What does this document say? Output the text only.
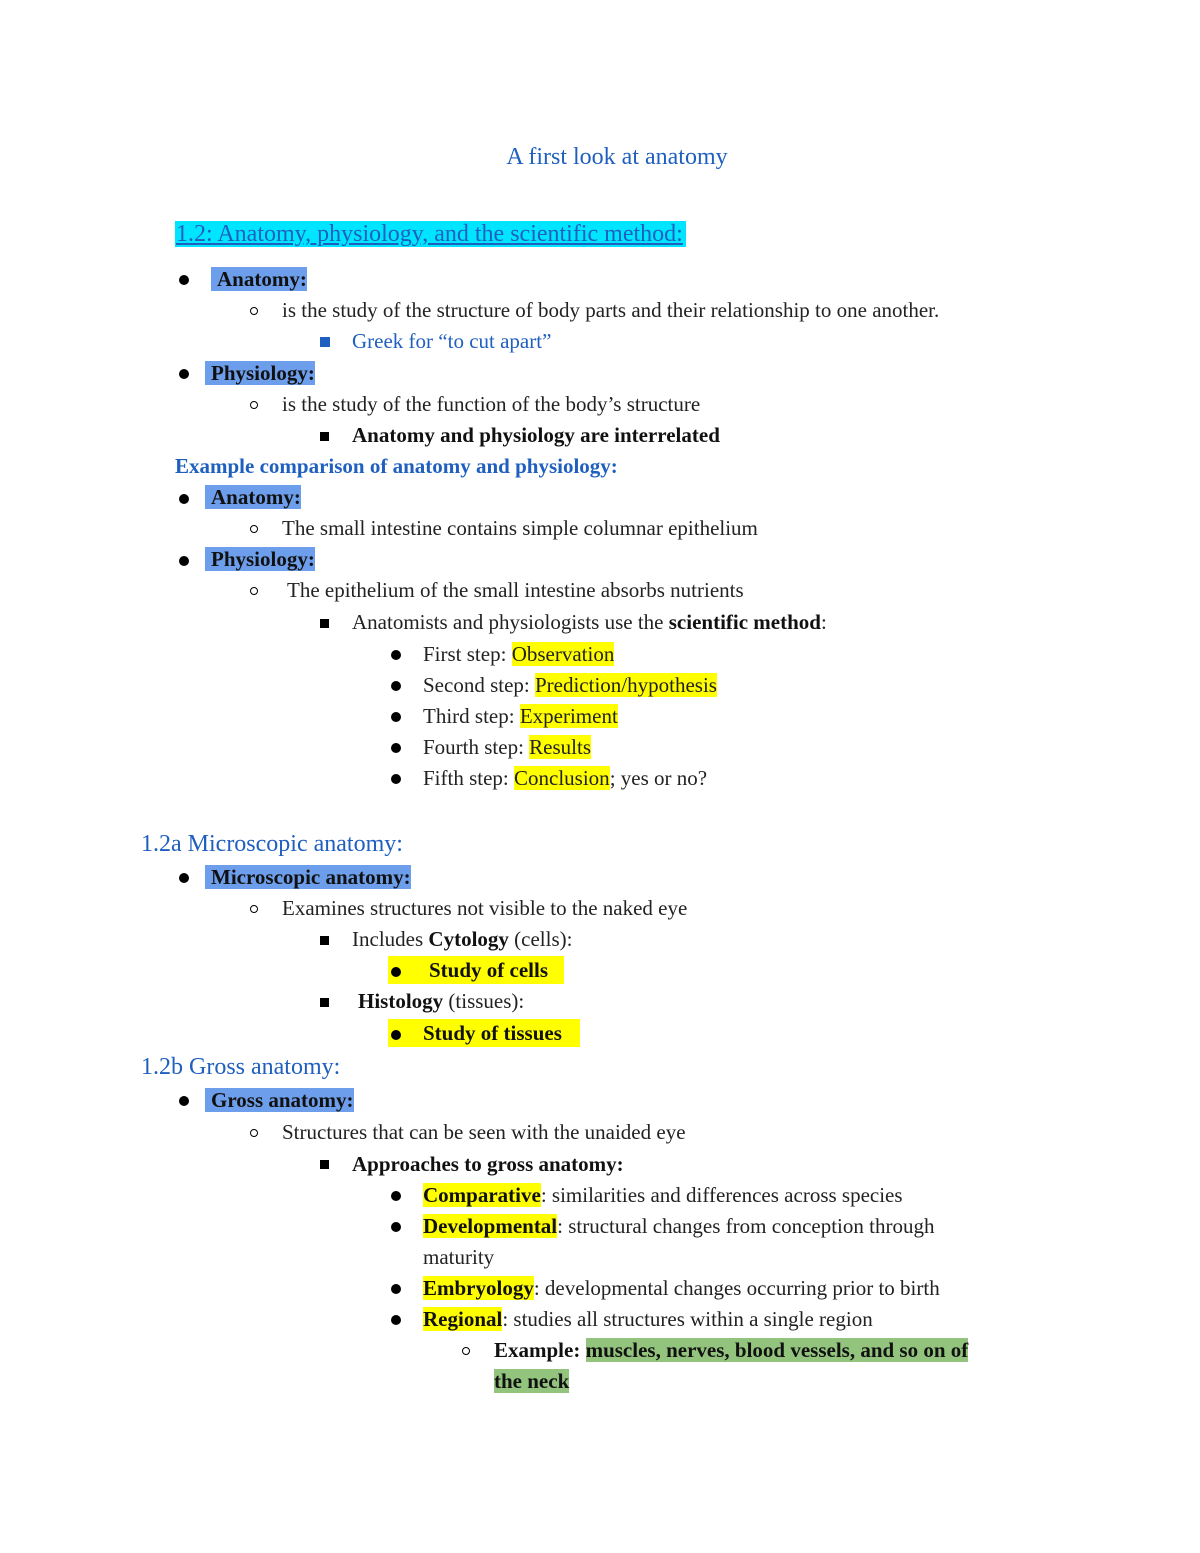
A first look at anatomy
1.2: Anatomy, physiology, and the scientific method:
Anatomy:
is the study of the structure of body parts and their relationship to one another.
Greek for “to cut apart”
Physiology:
is the study of the function of the body’s structure
Anatomy and physiology are interrelated
Example comparison of anatomy and physiology:
Anatomy:
The small intestine contains simple columnar epithelium
Physiology:
The epithelium of the small intestine absorbs nutrients
Anatomists and physiologists use the scientific method:
First step: Observation
Second step: Prediction/hypothesis
Third step: Experiment
Fourth step: Results
Fifth step: Conclusion; yes or no?
1.2a Microscopic anatomy:
Microscopic anatomy:
Examines structures not visible to the naked eye
Includes Cytology (cells):
Study of cells
Histology (tissues):
Study of tissues
1.2b Gross anatomy:
Gross anatomy:
Structures that can be seen with the unaided eye
Approaches to gross anatomy:
Comparative: similarities and differences across species
Developmental: structural changes from conception through
maturity
Embryology: developmental changes occurring prior to birth
Regional: studies all structures within a single region
Example: muscles, nerves, blood vessels, and so on of
the neck
